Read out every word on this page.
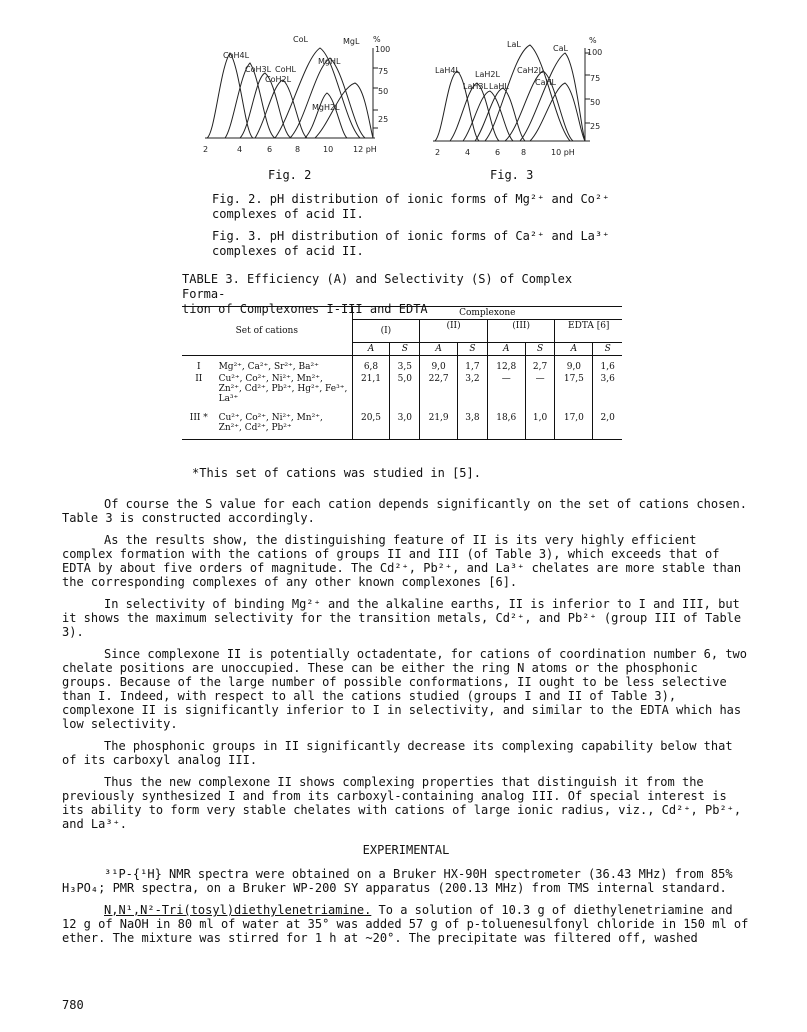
CoL	MgL
CoH4L
MgHL
CoH3L CoHL
CoH2L
MgH2L
%
100
75
50
25
2	4	6	8	10 12 pH
Fig. 2
LaL	CaL
LaH4L LaH2L
LaH3L LaHL
CaH2L
CaHL
%
100
75
50
25
2	4	6	8	10 pH
Fig. 3
Fig. 2. pH distribution of ionic forms of Mg²⁺ and Co²⁺ complexes of acid II.
Fig. 3. pH distribution of ionic forms of Ca²⁺ and La³⁺ complexes of acid II.
TABLE 3. Efficiency (A) and Selectivity (S) of Complex Forma-
tion of Complexones I-III and EDTA
Set of cations		Complexone							
		(I)		(II)		(III)		EDTA [6]	
		A	S	A	S	A	S	A	S
I	Mg²⁺, Ca²⁺, Sr²⁺, Ba²⁺	6,8	3,5	9,0	1,7	12,8	2,7	9,0	1,6
II	Cu²⁺, Co²⁺, Ni²⁺, Mn²⁺, Zn²⁺, Cd²⁺, Pb²⁺, Hg²⁺, Fe³⁺, La³⁺	21,1	5,0	22,7	3,2	—	—	17,5	3,6
III *	Cu²⁺, Co²⁺, Ni²⁺, Mn²⁺, Zn²⁺, Cd²⁺, Pb²⁺	20,5	3,0	21,9	3,8	18,6	1,0	17,0	2,0
*This set of cations was studied in [5].

Of course the S value for each cation depends significantly on the set of cations chosen. Table 3 is constructed accordingly.

As the results show, the distinguishing feature of II is its very highly efficient complex formation with the cations of groups II and III (of Table 3), which exceeds that of EDTA by about five orders of magnitude. The Cd²⁺, Pb²⁺, and La³⁺ chelates are more stable than the corresponding complexes of any other known complexones [6].

In selectivity of binding Mg²⁺ and the alkaline earths, II is inferior to I and III, but it shows the maximum selectivity for the transition metals, Cd²⁺, and Pb²⁺ (group III of Table 3).

Since complexone II is potentially octadentate, for cations of coordination number 6, two chelate positions are unoccupied. These can be either the ring N atoms or the phosphonic groups. Because of the large number of possible conformations, II ought to be less selective than I. Indeed, with respect to all the cations studied (groups I and II of Table 3), complexone II is significantly inferior to I in selectivity, and similar to the EDTA which has low selectivity.

The phosphonic groups in II significantly decrease its complexing capability below that of its carboxyl analog III.

Thus the new complexone II shows complexing properties that distinguish it from the previously synthesized I and from its carboxyl-containing analog III. Of special interest is its ability to form very stable chelates with cations of large ionic radius, viz., Cd²⁺, Pb²⁺, and La³⁺.

EXPERIMENTAL

³¹P-{¹H} NMR spectra were obtained on a Bruker HX-90H spectrometer (36.43 MHz) from 85% H₃PO₄; PMR spectra, on a Bruker WP-200 SY apparatus (200.13 MHz) from TMS internal standard.

N,N¹,N²-Tri(tosyl)diethylenetriamine. To a solution of 10.3 g of diethylenetriamine and 12 g of NaOH in 80 ml of water at 35° was added 57 g of p-toluenesulfonyl chloride in 150 ml of ether. The mixture was stirred for 1 h at ~20°. The precipitate was filtered off, washed

780
